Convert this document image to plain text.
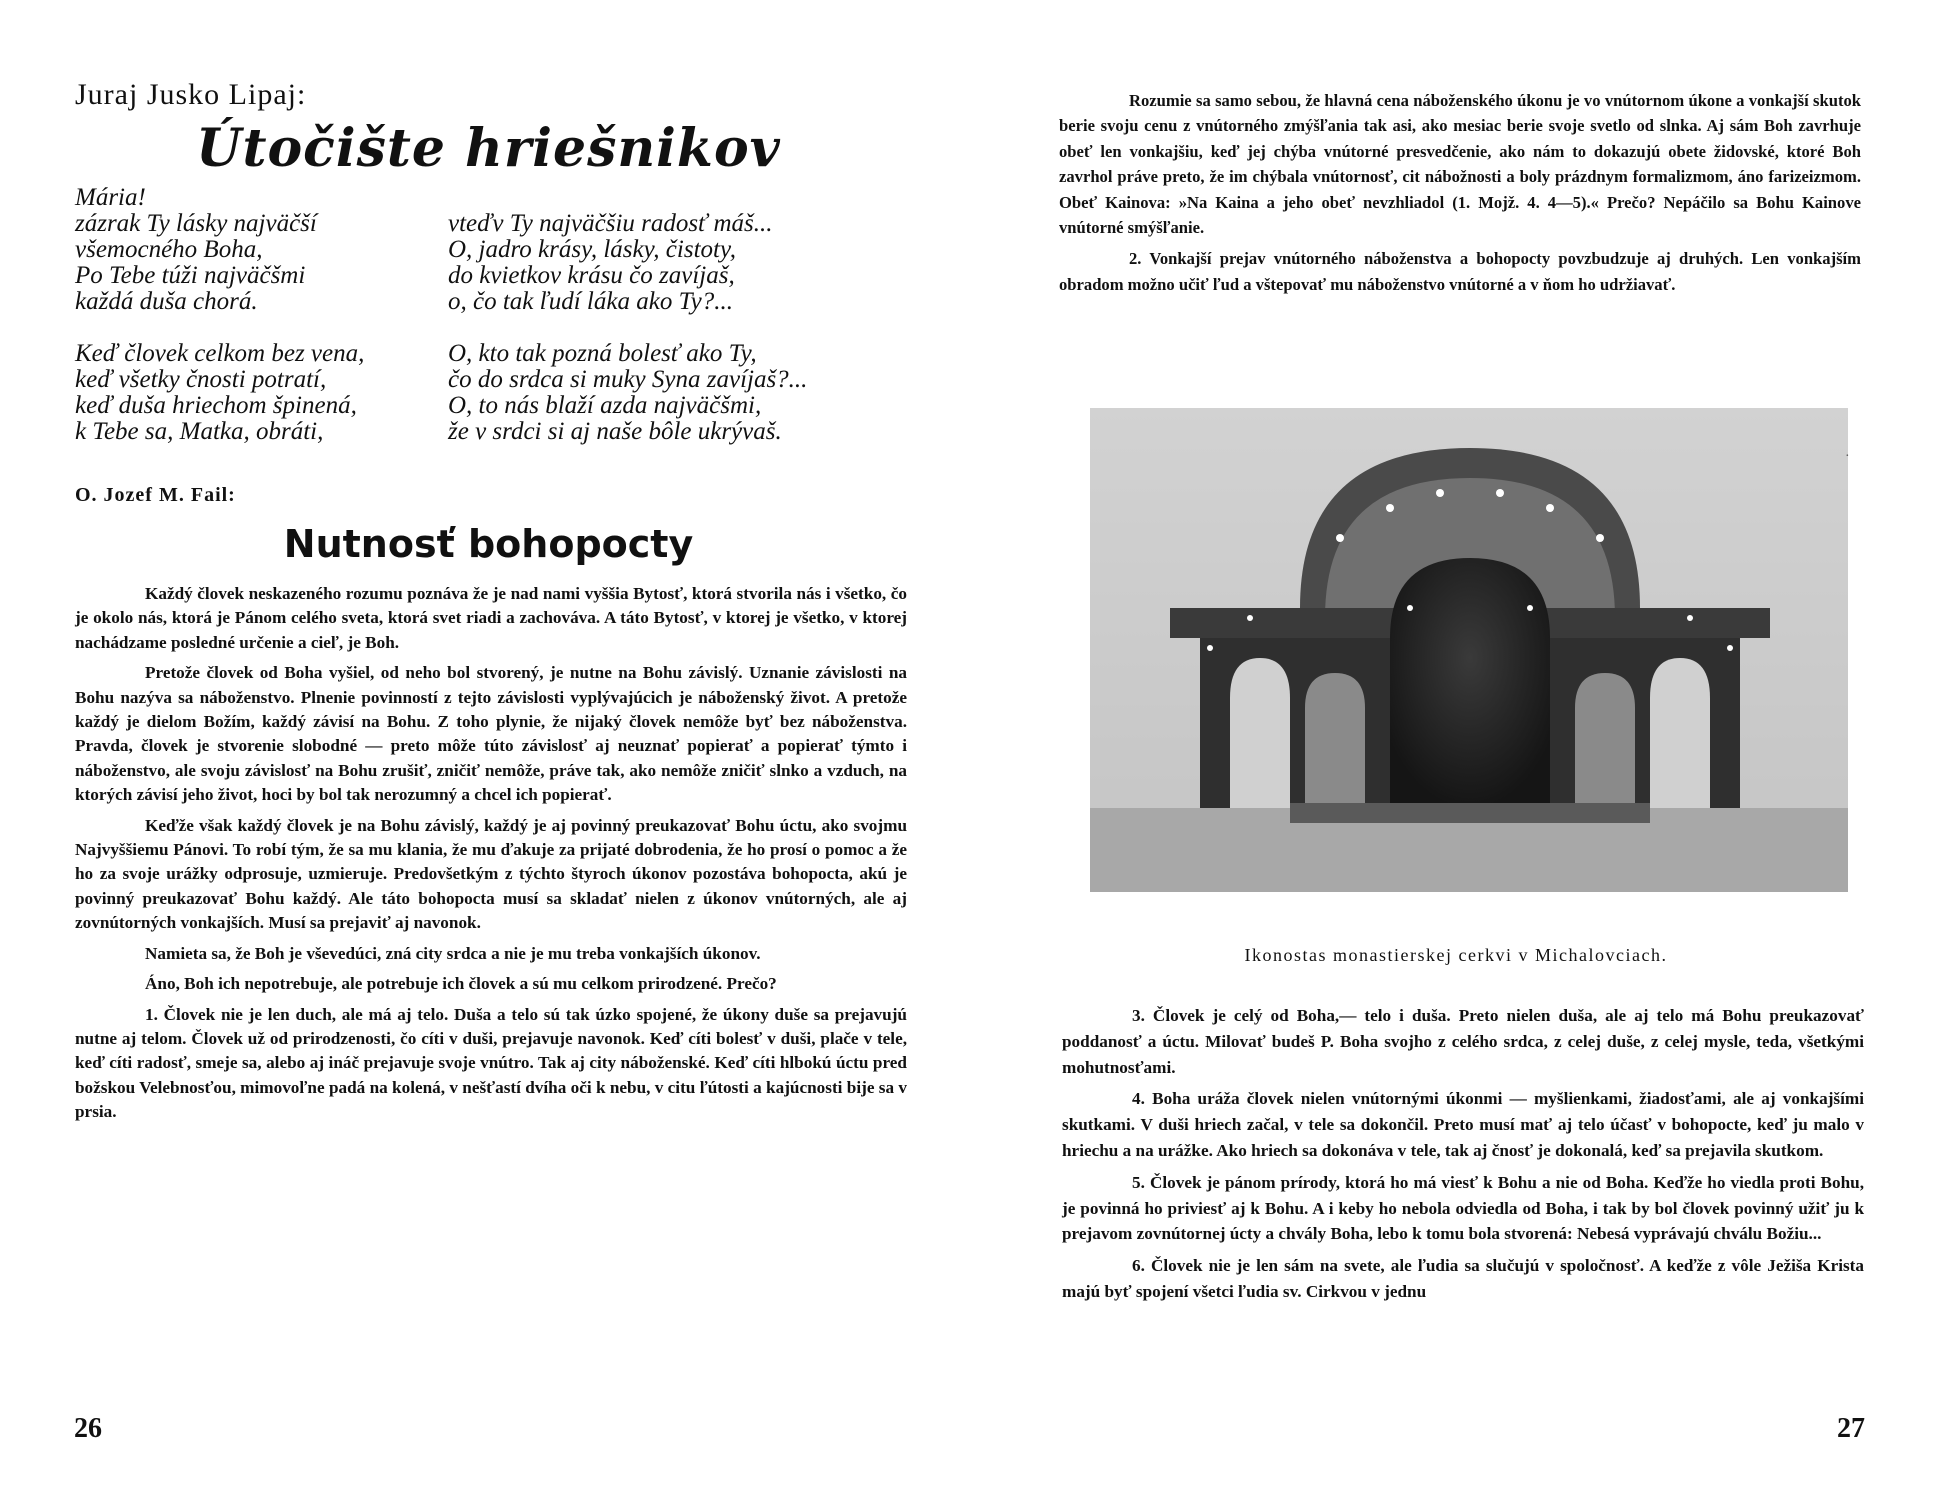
Juraj Jusko Lipaj:
Útočište hriešnikov
Mária!
zázrak Ty lásky najväčší
všemocného Boha,
Po Tebe túži najväčšmi
každá duša chorá.
Keď človek celkom bez vena,
keď všetky čnosti potratí,
keď duša hriechom špinená,
k Tebe sa, Matka, obráti,
vteďv Ty najväčšiu radosť máš...
O, jadro krásy, lásky, čistoty,
do kvietkov krásu čo zavíjaš,
o, čo tak ľudí láka ako Ty?...
O, kto tak pozná bolesť ako Ty,
čo do srdca si muky Syna zavíjaš?...
O, to nás blaží azda najväčšmi,
že v srdci si aj naše bôle ukrývaš.
O. Jozef M. Fail:
Nutnosť bohopocty

Každý človek neskazeného rozumu poznáva že je nad nami vyššia Bytosť, ktorá stvorila nás i všetko, čo je okolo nás, ktorá je Pánom celého sveta, ktorá svet riadi a zachováva. A táto Bytosť, v ktorej je všetko, v ktorej nachádzame posledné určenie a cieľ, je Boh.

Pretože človek od Boha vyšiel, od neho bol stvorený, je nutne na Bohu závislý. Uznanie závislosti na Bohu nazýva sa náboženstvo. Plnenie povinností z tejto závislosti vyplývajúcich je náboženský život. A pretože každý je dielom Božím, každý závisí na Bohu. Z toho plynie, že nijaký človek nemôže byť bez náboženstva. Pravda, človek je stvorenie slobodné — preto môže túto závislosť aj neuznať popierať a popierať týmto i náboženstvo, ale svoju závislosť na Bohu zrušiť, zničiť nemôže, práve tak, ako nemôže zničiť slnko a vzduch, na ktorých závisí jeho život, hoci by bol tak nerozumný a chcel ich popierať.

Keďže však každý človek je na Bohu závislý, každý je aj povinný preukazovať Bohu úctu, ako svojmu Najvyššiemu Pánovi. To robí tým, že sa mu klania, že mu ďakuje za prijaté dobrodenia, že ho prosí o pomoc a že ho za svoje urážky odprosuje, uzmieruje. Predovšetkým z týchto štyroch úkonov pozostáva bohopocta, akú je povinný preukazovať Bohu každý. Ale táto bohopocta musí sa skladať nielen z úkonov vnútorných, ale aj zovnútorných vonkajších. Musí sa prejaviť aj navonok.

Namieta sa, že Boh je vševedúci, zná city srdca a nie je mu treba vonkajších úkonov.

Áno, Boh ich nepotrebuje, ale potrebuje ich človek a sú mu celkom prirodzené. Prečo?

1. Človek nie je len duch, ale má aj telo. Duša a telo sú tak úzko spojené, že úkony duše sa prejavujú nutne aj telom. Človek už od prirodzenosti, čo cíti v duši, prejavuje navonok. Keď cíti bolesť v duši, plače v tele, keď cíti radosť, smeje sa, alebo aj ináč prejavuje svoje vnútro. Tak aj city náboženské. Keď cíti hlbokú úctu pred božskou Velebnosťou, mimovoľne padá na kolená, v nešťastí dvíha oči k nebu, v citu ľútosti a kajúcnosti bije sa v prsia.

26

Rozumie sa samo sebou, že hlavná cena náboženského úkonu je vo vnútornom úkone a vonkajší skutok berie svoju cenu z vnútorného zmýšľania tak asi, ako mesiac berie svoje svetlo od slnka. Aj sám Boh zavrhuje obeť len vonkajšiu, keď jej chýba vnútorné presvedčenie, ako nám to dokazujú obete židovské, ktoré Boh zavrhol práve preto, že im chýbala vnútornosť, cit nábožnosti a boly prázdnym formalizmom, áno farizeizmom. Obeť Kainova: »Na Kaina a jeho obeť nevzhliadol (1. Mojž. 4. 4—5).« Prečo? Nepáčilo sa Bohu Kainove vnútorné smýšľanie.

2. Vonkajší prejav vnútorného náboženstva a bohopocty povzbudzuje aj druhých. Len vonkajším obradom možno učiť ľud a vštepovať mu náboženstvo vnútorné a v ňom ho udržiavať.

·
Ikonostas monastierskej cerkvi v Michalovciach.

3. Človek je celý od Boha,— telo i duša. Preto nielen duša, ale aj telo má Bohu preukazovať poddanosť a úctu. Milovať budeš P. Boha svojho z celého srdca, z celej duše, z celej mysle, teda, všetkými mohutnosťami.

4. Boha uráža človek nielen vnútornými úkonmi — myšlienkami, žiadosťami, ale aj vonkajšími skutkami. V duši hriech začal, v tele sa dokončil. Preto musí mať aj telo účasť v bohopocte, keď ju malo v hriechu a na urážke. Ako hriech sa dokonáva v tele, tak aj čnosť je dokonalá, keď sa prejavila skutkom.

5. Človek je pánom prírody, ktorá ho má viesť k Bohu a nie od Boha. Keďže ho viedla proti Bohu, je povinná ho priviesť aj k Bohu. A i keby ho nebola odviedla od Boha, i tak by bol človek povinný užiť ju k prejavom zovnútornej úcty a chvály Boha, lebo k tomu bola stvorená: Nebesá vyprávajú chválu Božiu...

6. Človek nie je len sám na svete, ale ľudia sa slučujú v spoločnosť. A keďže z vôle Ježiša Krista majú byť spojení všetci ľudia sv. Cirkvou v jednu

27
